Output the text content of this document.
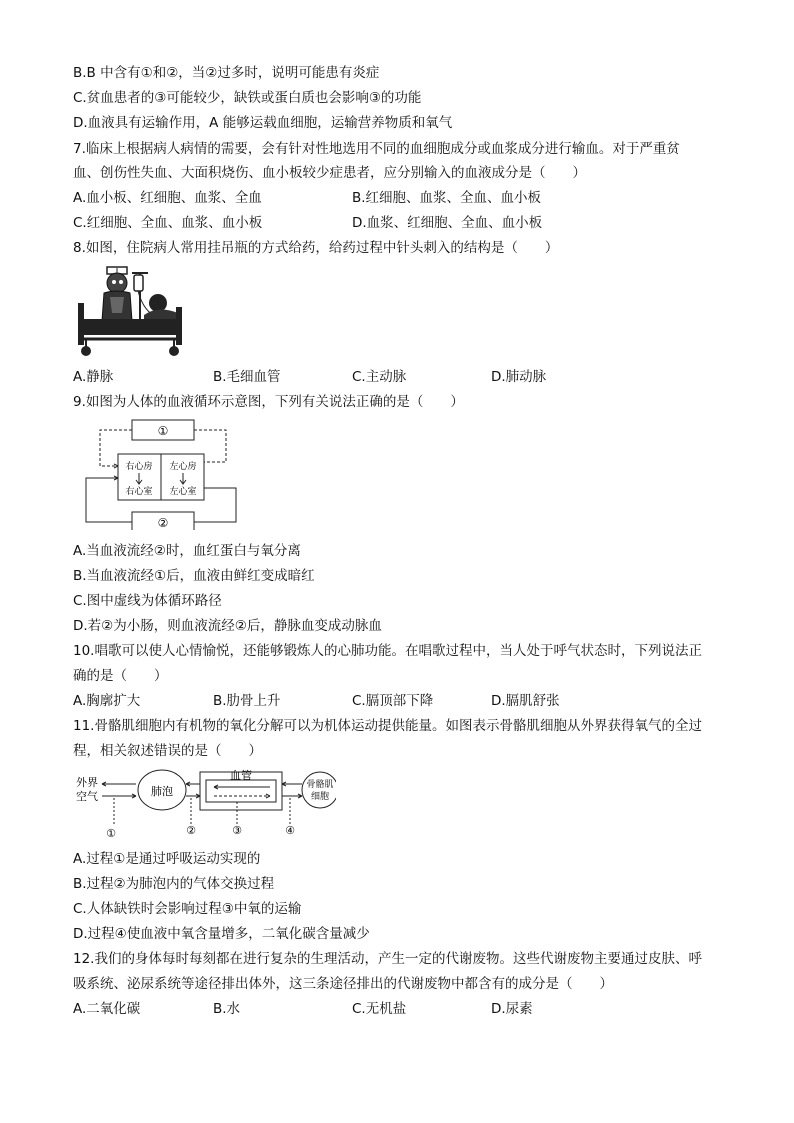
B.B 中含有①和②，当②过多时，说明可能患有炎症
C.贫血患者的③可能较少，缺铁或蛋白质也会影响③的功能
D.血液具有运输作用，A 能够运载血细胞，运输营养物质和氧气
7.临床上根据病人病情的需要，会有针对性地选用不同的血细胞成分或血浆成分进行输血。对于严重贫
血、创伤性失血、大面积烧伤、血小板较少症患者，应分别输入的血液成分是（　　）
A.血小板、红细胞、血浆、全血	B.红细胞、血浆、全血、血小板
C.红细胞、全血、血浆、血小板	D.血浆、红细胞、全血、血小板
8.如图，住院病人常用挂吊瓶的方式给药，给药过程中针头刺入的结构是（　　）
A.静脉	B.毛细血管	C.主动脉	D.肺动脉
9.如图为人体的血液循环示意图，下列有关说法正确的是（　　）
①
右心房
右心室
左心房
左心室
②
A.当血液流经②时，血红蛋白与氧分离
B.当血液流经①后，血液由鲜红变成暗红
C.图中虚线为体循环路径
D.若②为小肠，则血液流经②后，静脉血变成动脉血
10.唱歌可以使人心情愉悦，还能够锻炼人的心肺功能。在唱歌过程中，当人处于呼气状态时，下列说法正
确的是（　　）
A.胸廓扩大	B.肋骨上升	C.膈顶部下降	D.膈肌舒张
11.骨骼肌细胞内有机物的氧化分解可以为机体运动提供能量。如图表示骨骼肌细胞从外界获得氧气的全过
程，相关叙述错误的是（　　）
外界
空气	肺泡
血管
骨骼肌
细胞
①	②	③	④
A.过程①是通过呼吸运动实现的
B.过程②为肺泡内的气体交换过程
C.人体缺铁时会影响过程③中氧的运输
D.过程④使血液中氧含量增多，二氧化碳含量减少
12.我们的身体每时每刻都在进行复杂的生理活动，产生一定的代谢废物。这些代谢废物主要通过皮肤、呼
吸系统、泌尿系统等途径排出体外，这三条途径排出的代谢废物中都含有的成分是（　　）
A.二氧化碳	B.水	C.无机盐	D.尿素
